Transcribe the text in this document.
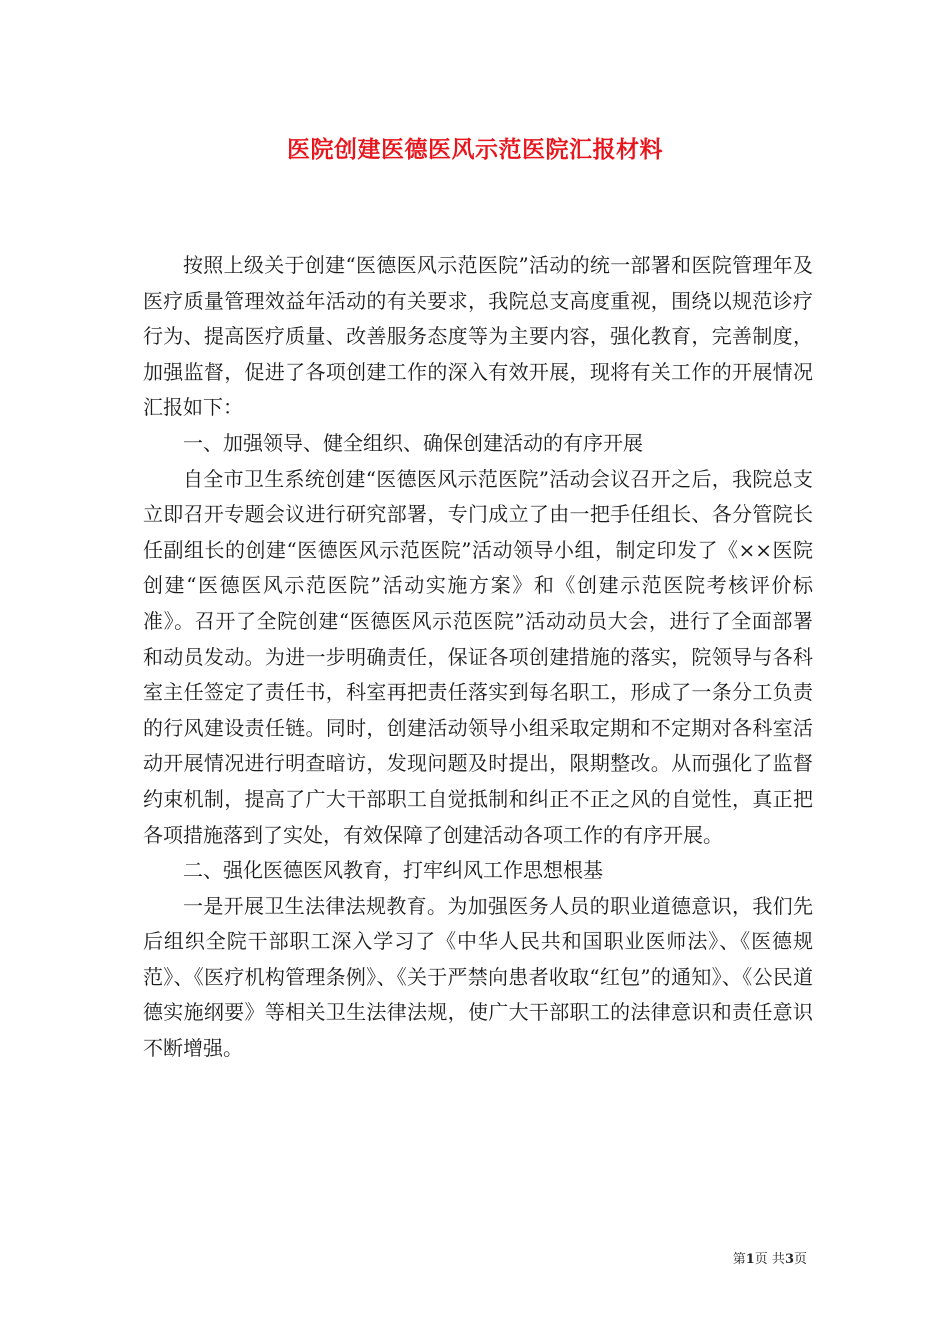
医院创建医德医风示范医院汇报材料

按照上级关于创建“医德医风示范医院”活动的统一部署和医院管理年及医疗质量管理效益年活动的有关要求，我院总支高度重视，围绕以规范诊疗行为、提高医疗质量、改善服务态度等为主要内容，强化教育，完善制度，加强监督，促进了各项创建工作的深入有效开展，现将有关工作的开展情况汇报如下：

一、加强领导、健全组织、确保创建活动的有序开展

自全市卫生系统创建“医德医风示范医院”活动会议召开之后，我院总支立即召开专题会议进行研究部署，专门成立了由一把手任组长、各分管院长任副组长的创建“医德医风示范医院”活动领导小组，制定印发了《××医院创建“医德医风示范医院”活动实施方案》和《创建示范医院考核评价标准》。召开了全院创建“医德医风示范医院”活动动员大会，进行了全面部署和动员发动。为进一步明确责任，保证各项创建措施的落实，院领导与各科室主任签定了责任书，科室再把责任落实到每名职工，形成了一条分工负责的行风建设责任链。同时，创建活动领导小组采取定期和不定期对各科室活动开展情况进行明查暗访，发现问题及时提出，限期整改。从而强化了监督约束机制，提高了广大干部职工自觉抵制和纠正不正之风的自觉性，真正把各项措施落到了实处，有效保障了创建活动各项工作的有序开展。

二、强化医德医风教育，打牢纠风工作思想根基

一是开展卫生法律法规教育。为加强医务人员的职业道德意识，我们先后组织全院干部职工深入学习了《中华人民共和国职业医师法》、《医德规范》、《医疗机构管理条例》、《关于严禁向患者收取“红包”的通知》、《公民道德实施纲要》等相关卫生法律法规，使广大干部职工的法律意识和责任意识不断增强。

第1页 共3页
